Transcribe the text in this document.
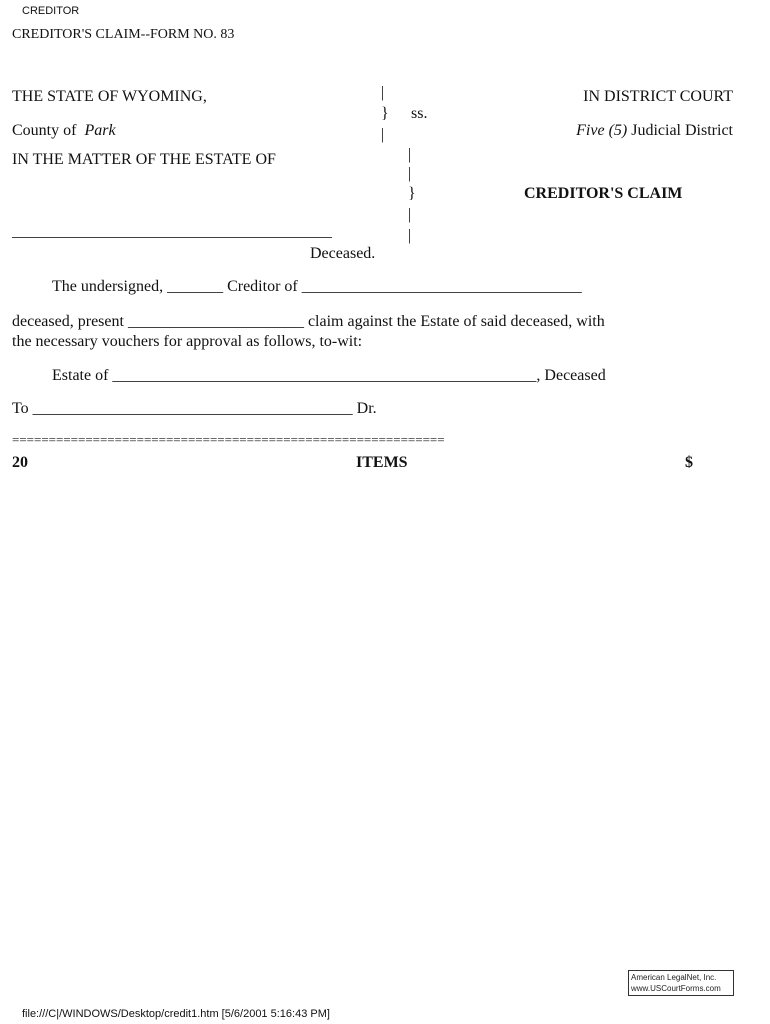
CREDITOR
CREDITOR'S CLAIM--FORM NO. 83
THE STATE OF WYOMING,
County of Park
IN THE MATTER OF THE ESTATE OF
________________________________________
Deceased.
|
} ss.
|
|
|
}
|
|
IN DISTRICT COURT
Five (5) Judicial District
CREDITOR'S CLAIM
The undersigned, _______ Creditor of ___________________________________
deceased, present ______________________ claim against the Estate of said deceased, with
the necessary vouchers for approval as follows, to-wit:
Estate of _____________________________________________________, Deceased
To ________________________________________ Dr.
===========================================================
20	ITEMS	$
American LegalNet, Inc.
www.USCourtForms.com
file:///C|/WINDOWS/Desktop/credit1.htm [5/6/2001 5:16:43 PM]
